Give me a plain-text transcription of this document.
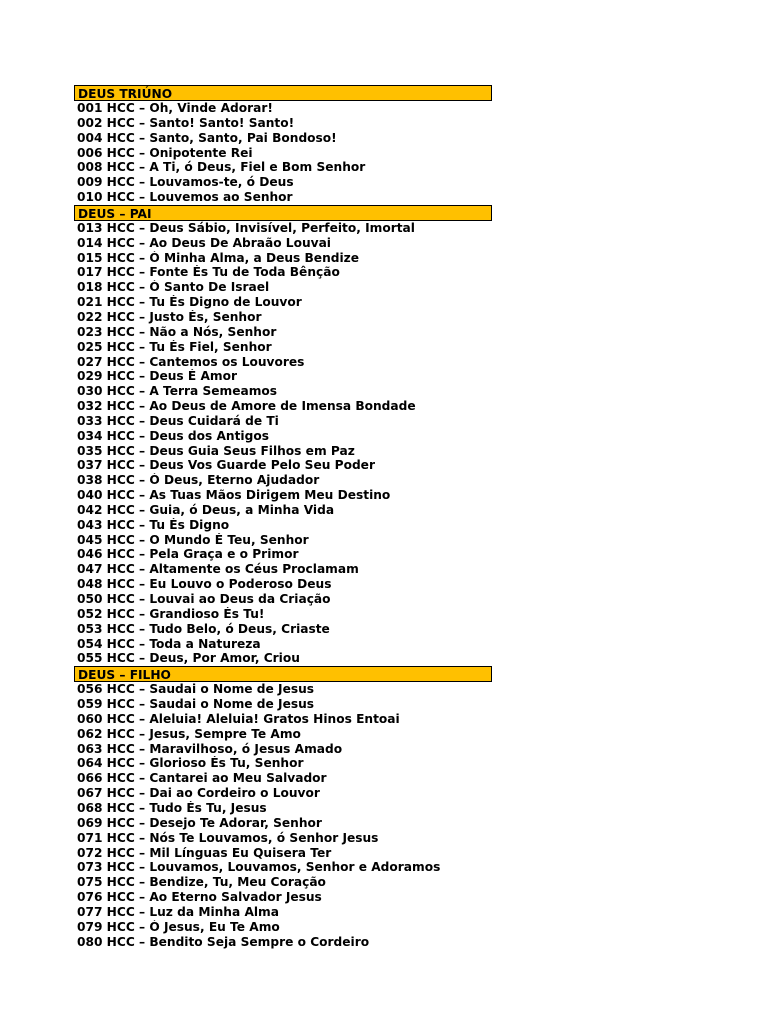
DEUS TRIÚNO
001 HCC – Oh, Vinde Adorar!
002 HCC – Santo! Santo! Santo!
004 HCC – Santo, Santo, Pai Bondoso!
006 HCC – Onipotente Rei
008 HCC – A Ti, ó Deus, Fiel e Bom Senhor
009 HCC – Louvamos-te, ó Deus
010 HCC – Louvemos ao Senhor
DEUS – PAI
013 HCC – Deus Sábio, Invisível, Perfeito, Imortal
014 HCC – Ao Deus De Abraão Louvai
015 HCC – Ó Minha Alma, a Deus Bendize
017 HCC – Fonte És Tu de Toda Bênção
018 HCC – Ó Santo De Israel
021 HCC – Tu És Digno de Louvor
022 HCC – Justo És, Senhor
023 HCC – Não a Nós, Senhor
025 HCC – Tu És Fiel, Senhor
027 HCC – Cantemos os Louvores
029 HCC – Deus É Amor
030 HCC – A Terra Semeamos
032 HCC – Ao Deus de Amore de Imensa Bondade
033 HCC – Deus Cuidará de Ti
034 HCC – Deus dos Antigos
035 HCC – Deus Guia Seus Filhos em Paz
037 HCC – Deus Vos Guarde Pelo Seu Poder
038 HCC – Ó Deus, Eterno Ajudador
040 HCC – As Tuas Mãos Dirigem Meu Destino
042 HCC – Guia, ó Deus, a Minha Vida
043 HCC – Tu És Digno
045 HCC – O Mundo É Teu, Senhor
046 HCC – Pela Graça e o Primor
047 HCC – Altamente os Céus Proclamam
048 HCC – Eu Louvo o Poderoso Deus
050 HCC – Louvai ao Deus da Criação
052 HCC – Grandioso És Tu!
053 HCC – Tudo Belo, ó Deus, Criaste
054 HCC – Toda a Natureza
055 HCC – Deus, Por Amor, Criou
DEUS – FILHO
056 HCC – Saudai o Nome de Jesus
059 HCC – Saudai o Nome de Jesus
060 HCC – Aleluia! Aleluia! Gratos Hinos Entoai
062 HCC – Jesus, Sempre Te Amo
063 HCC – Maravilhoso, ó Jesus Amado
064 HCC – Glorioso És Tu, Senhor
066 HCC – Cantarei ao Meu Salvador
067 HCC – Dai ao Cordeiro o Louvor
068 HCC – Tudo És Tu, Jesus
069 HCC – Desejo Te Adorar, Senhor
071 HCC – Nós Te Louvamos, ó Senhor Jesus
072 HCC – Mil Línguas Eu Quisera Ter
073 HCC – Louvamos, Louvamos, Senhor e Adoramos
075 HCC – Bendize, Tu, Meu Coração
076 HCC – Ao Eterno Salvador Jesus
077 HCC – Luz da Minha Alma
079 HCC – Ó Jesus, Eu Te Amo
080 HCC – Bendito Seja Sempre o Cordeiro
